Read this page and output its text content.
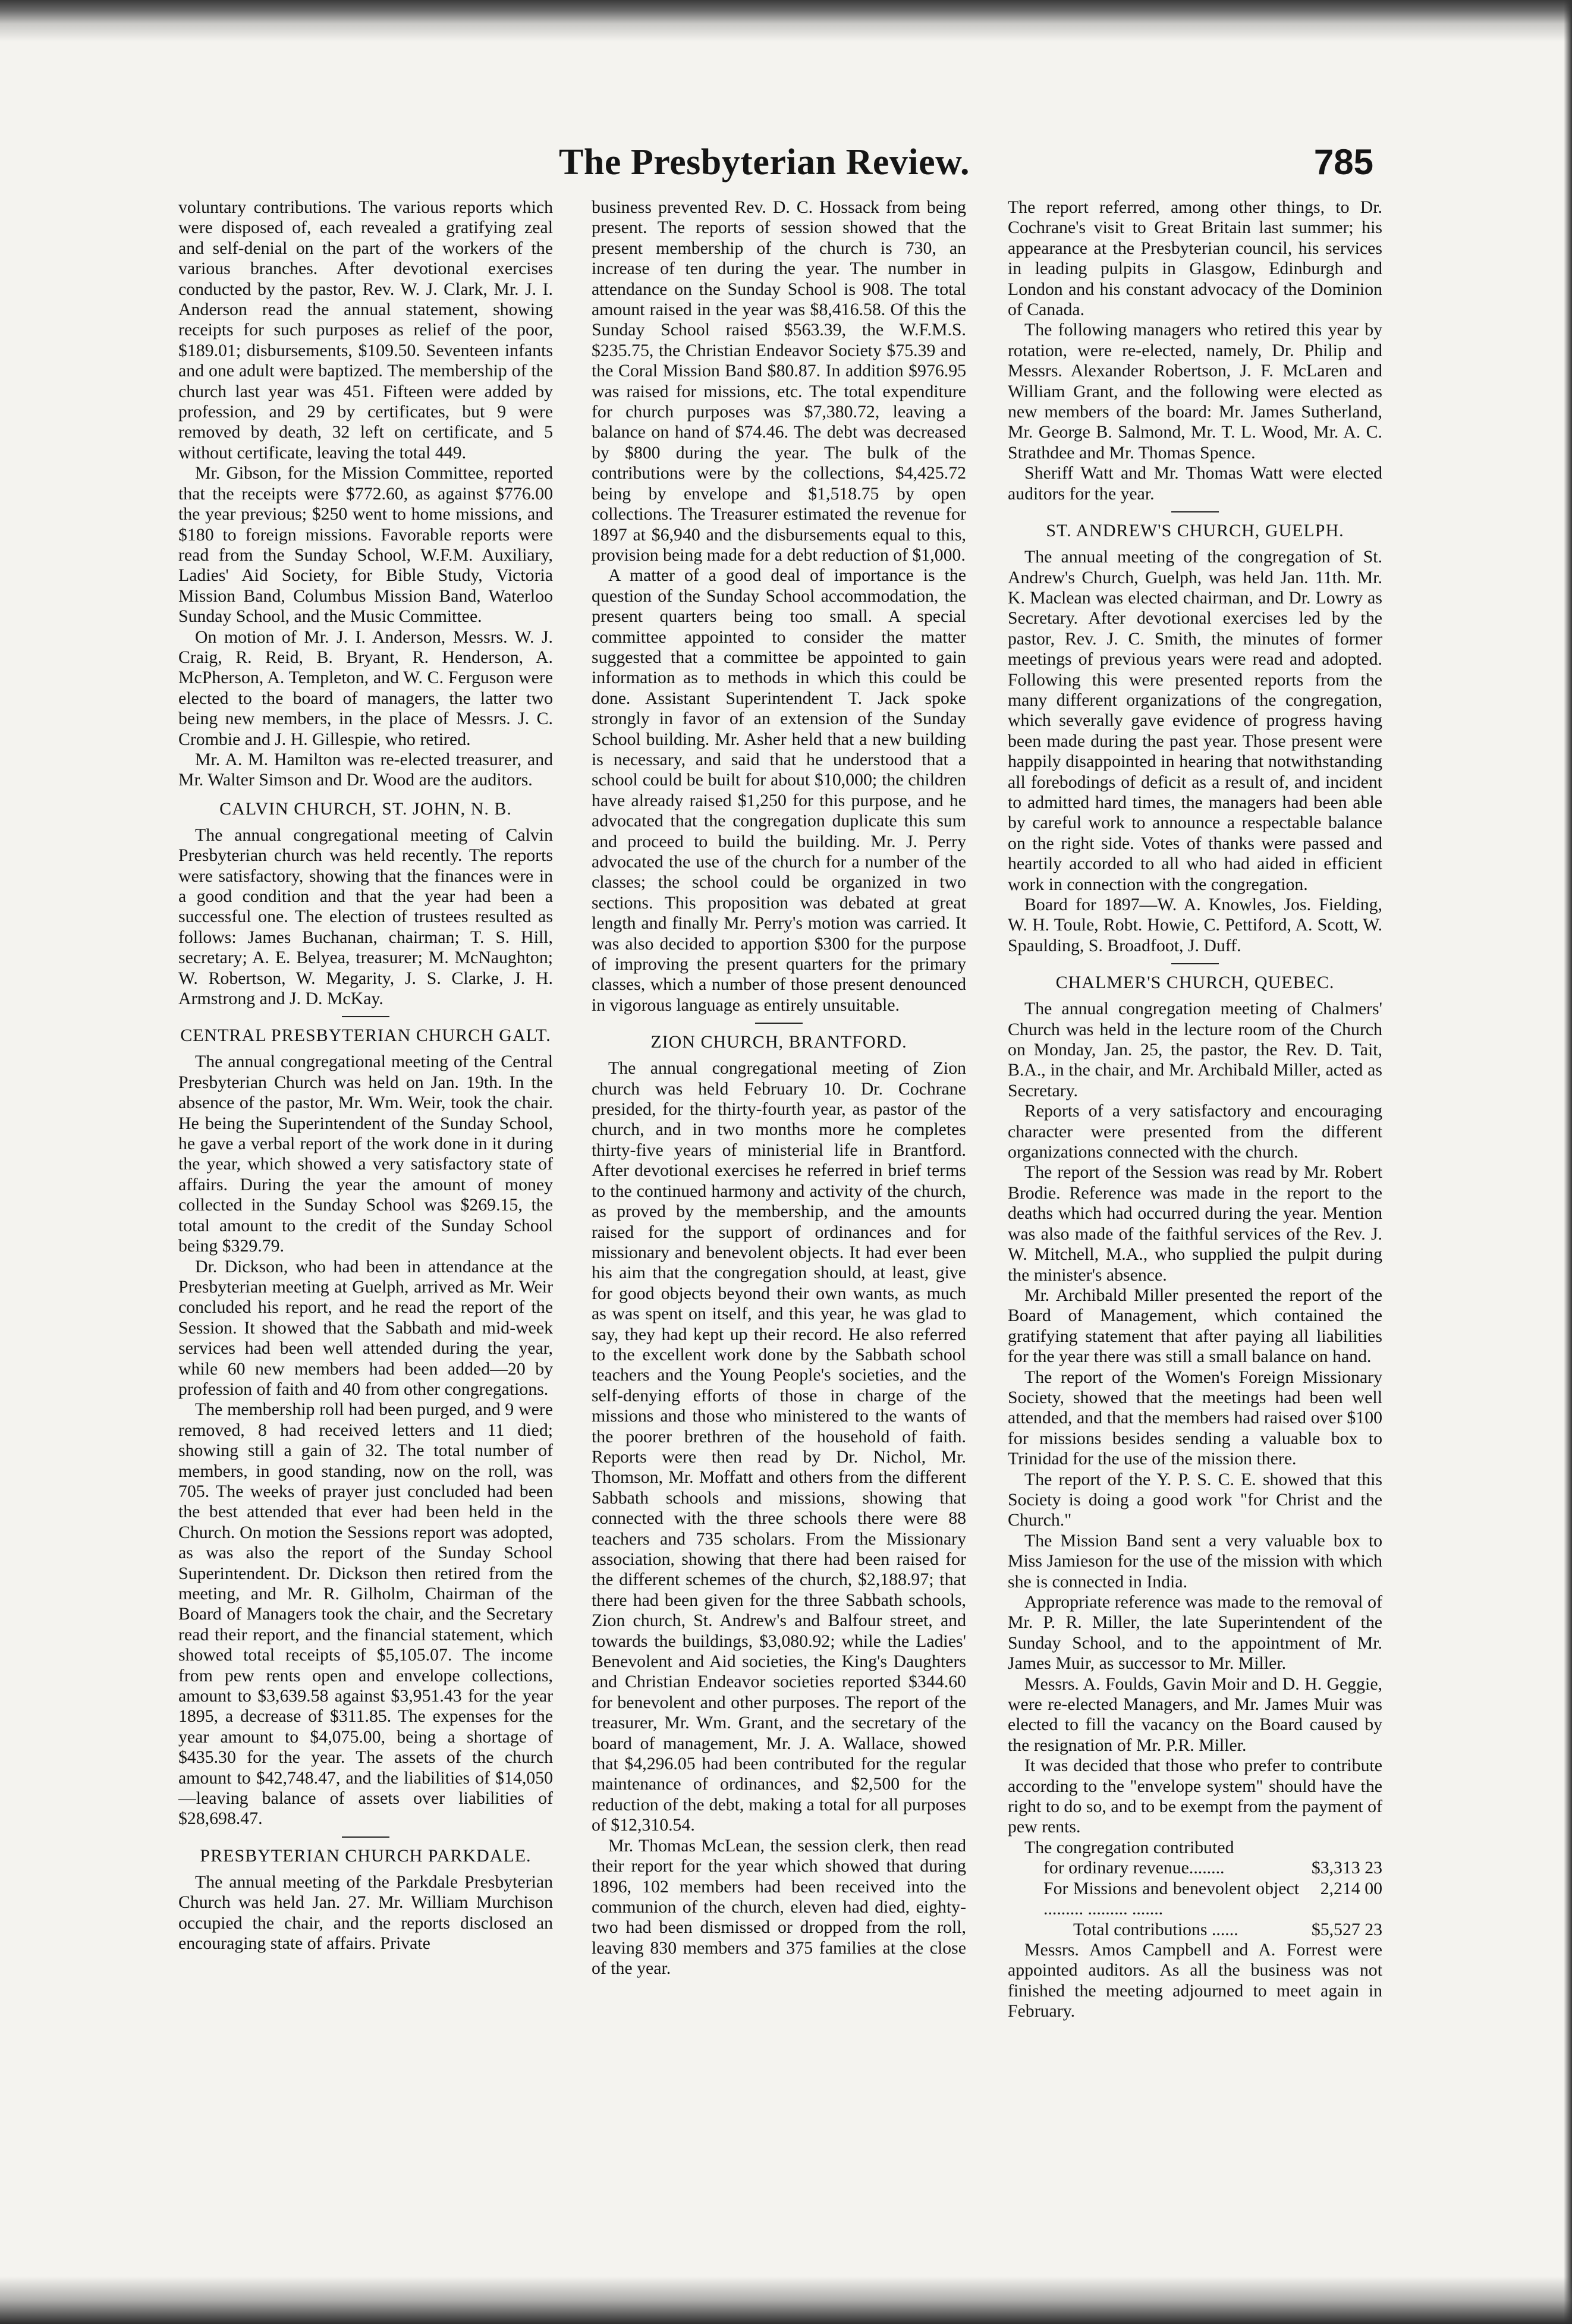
The Presbyterian Review.	785

voluntary contributions. The various reports which were disposed of, each revealed a gratifying zeal and self-denial on the part of the workers of the various branches. After devotional exercises conducted by the pastor, Rev. W. J. Clark, Mr. J. I. Anderson read the annual statement, showing receipts for such purposes as relief of the poor, $189.01; disbursements, $109.50. Seventeen infants and one adult were baptized. The membership of the church last year was 451. Fifteen were added by profession, and 29 by certificates, but 9 were removed by death, 32 left on certificate, and 5 without certificate, leaving the total 449.

Mr. Gibson, for the Mission Committee, reported that the receipts were $772.60, as against $776.00 the year previous; $250 went to home missions, and $180 to foreign missions. Favorable reports were read from the Sunday School, W.F.M. Auxiliary, Ladies' Aid Society, for Bible Study, Victoria Mission Band, Columbus Mission Band, Waterloo Sunday School, and the Music Committee.

On motion of Mr. J. I. Anderson, Messrs. W. J. Craig, R. Reid, B. Bryant, R. Henderson, A. McPherson, A. Templeton, and W. C. Ferguson were elected to the board of managers, the latter two being new members, in the place of Messrs. J. C. Crombie and J. H. Gillespie, who retired.

Mr. A. M. Hamilton was re-elected treasurer, and Mr. Walter Simson and Dr. Wood are the auditors.

CALVIN CHURCH, ST. JOHN, N. B.

The annual congregational meeting of Calvin Presbyterian church was held recently. The reports were satisfactory, showing that the finances were in a good condition and that the year had been a successful one. The election of trustees resulted as follows: James Buchanan, chairman; T. S. Hill, secretary; A. E. Belyea, treasurer; M. McNaughton; W. Robertson, W. Megarity, J. S. Clarke, J. H. Armstrong and J. D. McKay.

CENTRAL PRESBYTERIAN CHURCH GALT.

The annual congregational meeting of the Central Presbyterian Church was held on Jan. 19th. In the absence of the pastor, Mr. Wm. Weir, took the chair. He being the Superintendent of the Sunday School, he gave a verbal report of the work done in it during the year, which showed a very satisfactory state of affairs. During the year the amount of money collected in the Sunday School was $269.15, the total amount to the credit of the Sunday School being $329.79.

Dr. Dickson, who had been in attendance at the Presbyterian meeting at Guelph, arrived as Mr. Weir concluded his report, and he read the report of the Session. It showed that the Sabbath and mid-week services had been well attended during the year, while 60 new members had been added—20 by profession of faith and 40 from other congregations.

The membership roll had been purged, and 9 were removed, 8 had received letters and 11 died; showing still a gain of 32. The total number of members, in good standing, now on the roll, was 705. The weeks of prayer just concluded had been the best attended that ever had been held in the Church. On motion the Sessions report was adopted, as was also the report of the Sunday School Superintendent. Dr. Dickson then retired from the meeting, and Mr. R. Gilholm, Chairman of the Board of Managers took the chair, and the Secretary read their report, and the financial statement, which showed total receipts of $5,105.07. The income from pew rents open and envelope collections, amount to $3,639.58 against $3,951.43 for the year 1895, a decrease of $311.85. The expenses for the year amount to $4,075.00, being a shortage of $435.30 for the year. The assets of the church amount to $42,748.47, and the liabilities of $14,050—leaving balance of assets over liabilities of $28,698.47.

PRESBYTERIAN CHURCH PARKDALE.

The annual meeting of the Parkdale Presbyterian Church was held Jan. 27. Mr. William Murchison occupied the chair, and the reports disclosed an encouraging state of affairs. Private

business prevented Rev. D. C. Hossack from being present. The reports of session showed that the present membership of the church is 730, an increase of ten during the year. The number in attendance on the Sunday School is 908. The total amount raised in the year was $8,416.58. Of this the Sunday School raised $563.39, the W.F.M.S. $235.75, the Christian Endeavor Society $75.39 and the Coral Mission Band $80.87. In addition $976.95 was raised for missions, etc. The total expenditure for church purposes was $7,380.72, leaving a balance on hand of $74.46. The debt was decreased by $800 during the year. The bulk of the contributions were by the collections, $4,425.72 being by envelope and $1,518.75 by open collections. The Treasurer estimated the revenue for 1897 at $6,940 and the disbursements equal to this, provision being made for a debt reduction of $1,000.

A matter of a good deal of importance is the question of the Sunday School accommodation, the present quarters being too small. A special committee appointed to consider the matter suggested that a committee be appointed to gain information as to methods in which this could be done. Assistant Superintendent T. Jack spoke strongly in favor of an extension of the Sunday School building. Mr. Asher held that a new building is necessary, and said that he understood that a school could be built for about $10,000; the children have already raised $1,250 for this purpose, and he advocated that the congregation duplicate this sum and proceed to build the building. Mr. J. Perry advocated the use of the church for a number of the classes; the school could be organized in two sections. This proposition was debated at great length and finally Mr. Perry's motion was carried. It was also decided to apportion $300 for the purpose of improving the present quarters for the primary classes, which a number of those present denounced in vigorous language as entirely unsuitable.

ZION CHURCH, BRANTFORD.

The annual congregational meeting of Zion church was held February 10. Dr. Cochrane presided, for the thirty-fourth year, as pastor of the church, and in two months more he completes thirty-five years of ministerial life in Brantford. After devotional exercises he referred in brief terms to the continued harmony and activity of the church, as proved by the membership, and the amounts raised for the support of ordinances and for missionary and benevolent objects. It had ever been his aim that the congregation should, at least, give for good objects beyond their own wants, as much as was spent on itself, and this year, he was glad to say, they had kept up their record. He also referred to the excellent work done by the Sabbath school teachers and the Young People's societies, and the self-denying efforts of those in charge of the missions and those who ministered to the wants of the poorer brethren of the household of faith. Reports were then read by Dr. Nichol, Mr. Thomson, Mr. Moffatt and others from the different Sabbath schools and missions, showing that connected with the three schools there were 88 teachers and 735 scholars. From the Missionary association, showing that there had been raised for the different schemes of the church, $2,188.97; that there had been given for the three Sabbath schools, Zion church, St. Andrew's and Balfour street, and towards the buildings, $3,080.92; while the Ladies' Benevolent and Aid societies, the King's Daughters and Christian Endeavor societies reported $344.60 for benevolent and other purposes. The report of the treasurer, Mr. Wm. Grant, and the secretary of the board of management, Mr. J. A. Wallace, showed that $4,296.05 had been contributed for the regular maintenance of ordinances, and $2,500 for the reduction of the debt, making a total for all purposes of $12,310.54.

Mr. Thomas McLean, the session clerk, then read their report for the year which showed that during 1896, 102 members had been received into the communion of the church, eleven had died, eighty-two had been dismissed or dropped from the roll, leaving 830 members and 375 families at the close of the year.

The report referred, among other things, to Dr. Cochrane's visit to Great Britain last summer; his appearance at the Presbyterian council, his services in leading pulpits in Glasgow, Edinburgh and London and his constant advocacy of the Dominion of Canada.

The following managers who retired this year by rotation, were re-elected, namely, Dr. Philip and Messrs. Alexander Robertson, J. F. McLaren and William Grant, and the following were elected as new members of the board: Mr. James Sutherland, Mr. George B. Salmond, Mr. T. L. Wood, Mr. A. C. Strathdee and Mr. Thomas Spence.

Sheriff Watt and Mr. Thomas Watt were elected auditors for the year.

ST. ANDREW'S CHURCH, GUELPH.

The annual meeting of the congregation of St. Andrew's Church, Guelph, was held Jan. 11th. Mr. K. Maclean was elected chairman, and Dr. Lowry as Secretary. After devotional exercises led by the pastor, Rev. J. C. Smith, the minutes of former meetings of previous years were read and adopted. Following this were presented reports from the many different organizations of the congregation, which severally gave evidence of progress having been made during the past year. Those present were happily disappointed in hearing that notwithstanding all forebodings of deficit as a result of, and incident to admitted hard times, the managers had been able by careful work to announce a respectable balance on the right side. Votes of thanks were passed and heartily accorded to all who had aided in efficient work in connection with the congregation.

Board for 1897—W. A. Knowles, Jos. Fielding, W. H. Toule, Robt. Howie, C. Pettiford, A. Scott, W. Spaulding, S. Broadfoot, J. Duff.

CHALMER'S CHURCH, QUEBEC.

The annual congregation meeting of Chalmers' Church was held in the lecture room of the Church on Monday, Jan. 25, the pastor, the Rev. D. Tait, B.A., in the chair, and Mr. Archibald Miller, acted as Secretary.

Reports of a very satisfactory and encouraging character were presented from the different organizations connected with the church.

The report of the Session was read by Mr. Robert Brodie. Reference was made in the report to the deaths which had occurred during the year. Mention was also made of the faithful services of the Rev. J. W. Mitchell, M.A., who supplied the pulpit during the minister's absence.

Mr. Archibald Miller presented the report of the Board of Management, which contained the gratifying statement that after paying all liabilities for the year there was still a small balance on hand.

The report of the Women's Foreign Missionary Society, showed that the meetings had been well attended, and that the members had raised over $100 for missions besides sending a valuable box to Trinidad for the use of the mission there.

The report of the Y. P. S. C. E. showed that this Society is doing a good work "for Christ and the Church."

The Mission Band sent a very valuable box to Miss Jamieson for the use of the mission with which she is connected in India.

Appropriate reference was made to the removal of Mr. P. R. Miller, the late Superintendent of the Sunday School, and to the appointment of Mr. James Muir, as successor to Mr. Miller.

Messrs. A. Foulds, Gavin Moir and D. H. Geggie, were re-elected Managers, and Mr. James Muir was elected to fill the vacancy on the Board caused by the resignation of Mr. P.R. Miller.

It was decided that those who prefer to contribute according to the "envelope system" should have the right to do so, and to be exempt from the payment of pew rents.

The congregation contributed

for ordinary revenue........	$3,313 23
For Missions and benevolent object ......... ......... .......	2,214 00
Total contributions ......	$5,527 23

Messrs. Amos Campbell and A. Forrest were appointed auditors. As all the business was not finished the meeting adjourned to meet again in February.
